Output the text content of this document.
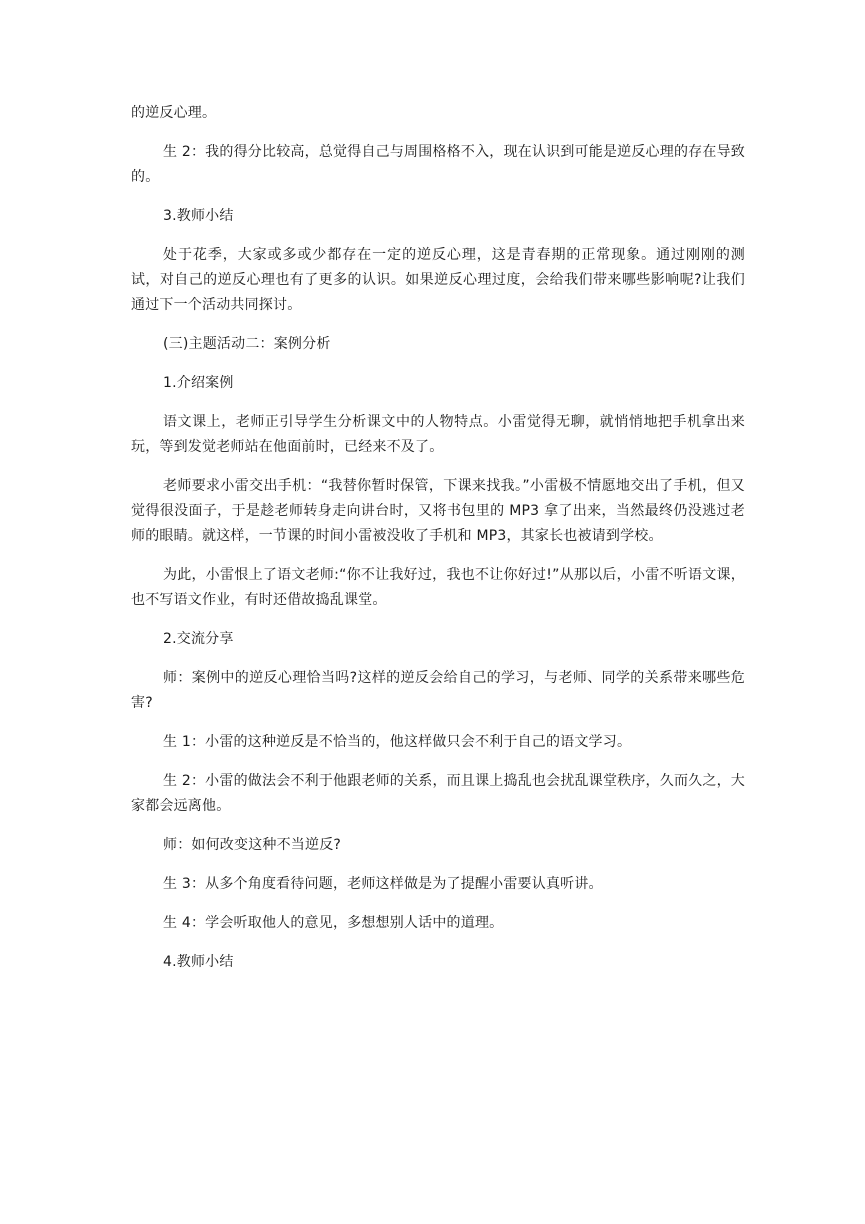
的逆反心理。

生 2：我的得分比较高，总觉得自己与周围格格不入，现在认识到可能是逆反心理的存在导致的。

3.教师小结

处于花季，大家或多或少都存在一定的逆反心理，这是青春期的正常现象。通过刚刚的测试，对自己的逆反心理也有了更多的认识。如果逆反心理过度，会给我们带来哪些影响呢?让我们通过下一个活动共同探讨。

(三)主题活动二：案例分析

1.介绍案例

语文课上，老师正引导学生分析课文中的人物特点。小雷觉得无聊，就悄悄地把手机拿出来玩，等到发觉老师站在他面前时，已经来不及了。

老师要求小雷交出手机：“我替你暂时保管，下课来找我。”小雷极不情愿地交出了手机，但又觉得很没面子，于是趁老师转身走向讲台时，又将书包里的 MP3 拿了出来，当然最终仍没逃过老师的眼睛。就这样，一节课的时间小雷被没收了手机和 MP3，其家长也被请到学校。

为此，小雷恨上了语文老师:“你不让我好过，我也不让你好过!”从那以后，小雷不听语文课，也不写语文作业，有时还借故捣乱课堂。

2.交流分享

师：案例中的逆反心理恰当吗?这样的逆反会给自己的学习，与老师、同学的关系带来哪些危害?

生 1：小雷的这种逆反是不恰当的，他这样做只会不利于自己的语文学习。

生 2：小雷的做法会不利于他跟老师的关系，而且课上捣乱也会扰乱课堂秩序，久而久之，大家都会远离他。

师：如何改变这种不当逆反?

生 3：从多个角度看待问题，老师这样做是为了提醒小雷要认真听讲。

生 4：学会听取他人的意见，多想想别人话中的道理。

4.教师小结
